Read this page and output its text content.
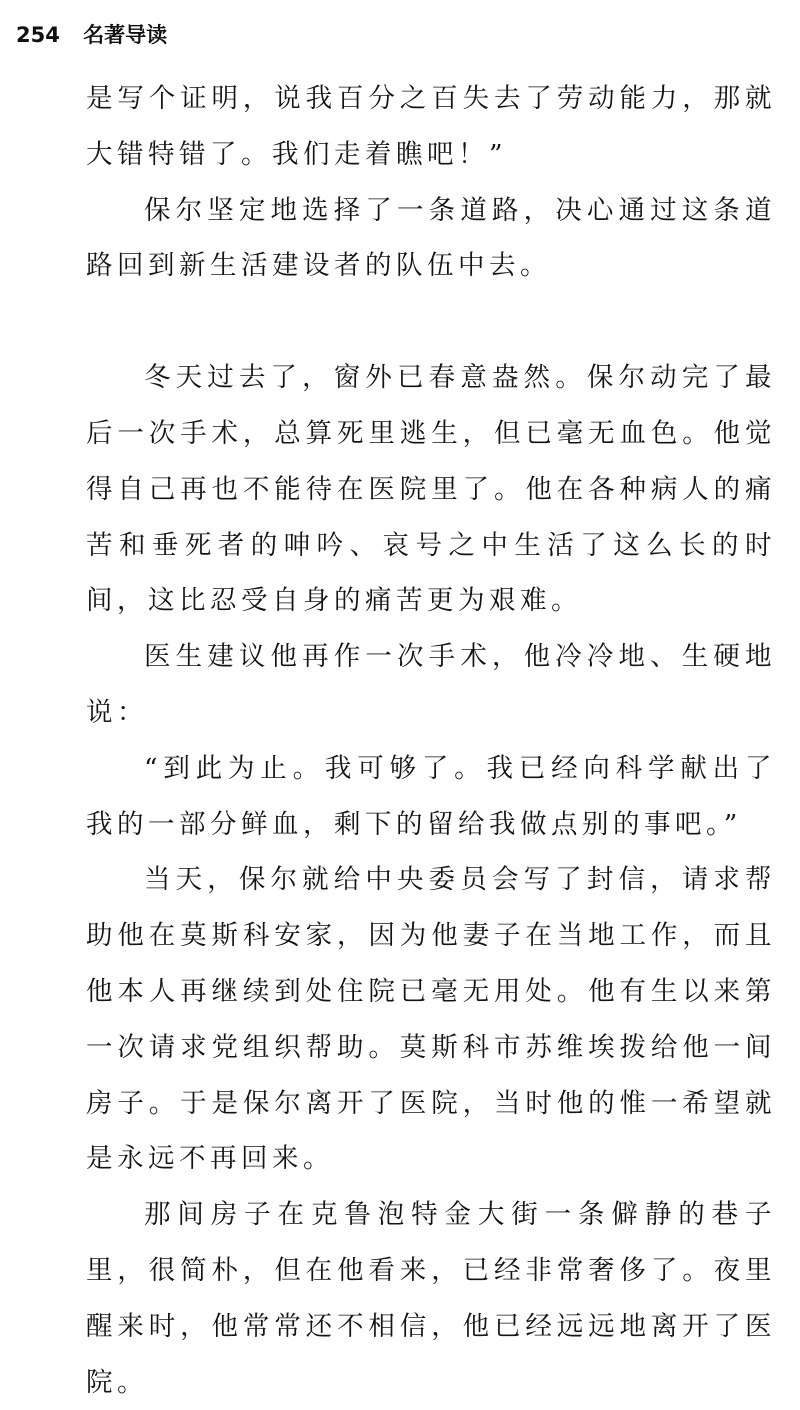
254 名著导读

是写个证明，说我百分之百失去了劳动能力，那就大错特错了。我们走着瞧吧！”

保尔坚定地选择了一条道路，决心通过这条道路回到新生活建设者的队伍中去。

冬天过去了，窗外已春意盎然。保尔动完了最后一次手术，总算死里逃生，但已毫无血色。他觉得自己再也不能待在医院里了。他在各种病人的痛苦和垂死者的呻吟、哀号之中生活了这么长的时间，这比忍受自身的痛苦更为艰难。

医生建议他再作一次手术，他冷冷地、生硬地说：

“到此为止。我可够了。我已经向科学献出了我的一部分鲜血，剩下的留给我做点别的事吧。”

当天，保尔就给中央委员会写了封信，请求帮助他在莫斯科安家，因为他妻子在当地工作，而且他本人再继续到处住院已毫无用处。他有生以来第一次请求党组织帮助。莫斯科市苏维埃拨给他一间房子。于是保尔离开了医院，当时他的惟一希望就是永远不再回来。

那间房子在克鲁泡特金大街一条僻静的巷子里，很简朴，但在他看来，已经非常奢侈了。夜里醒来时，他常常还不相信，他已经远远地离开了医院。
